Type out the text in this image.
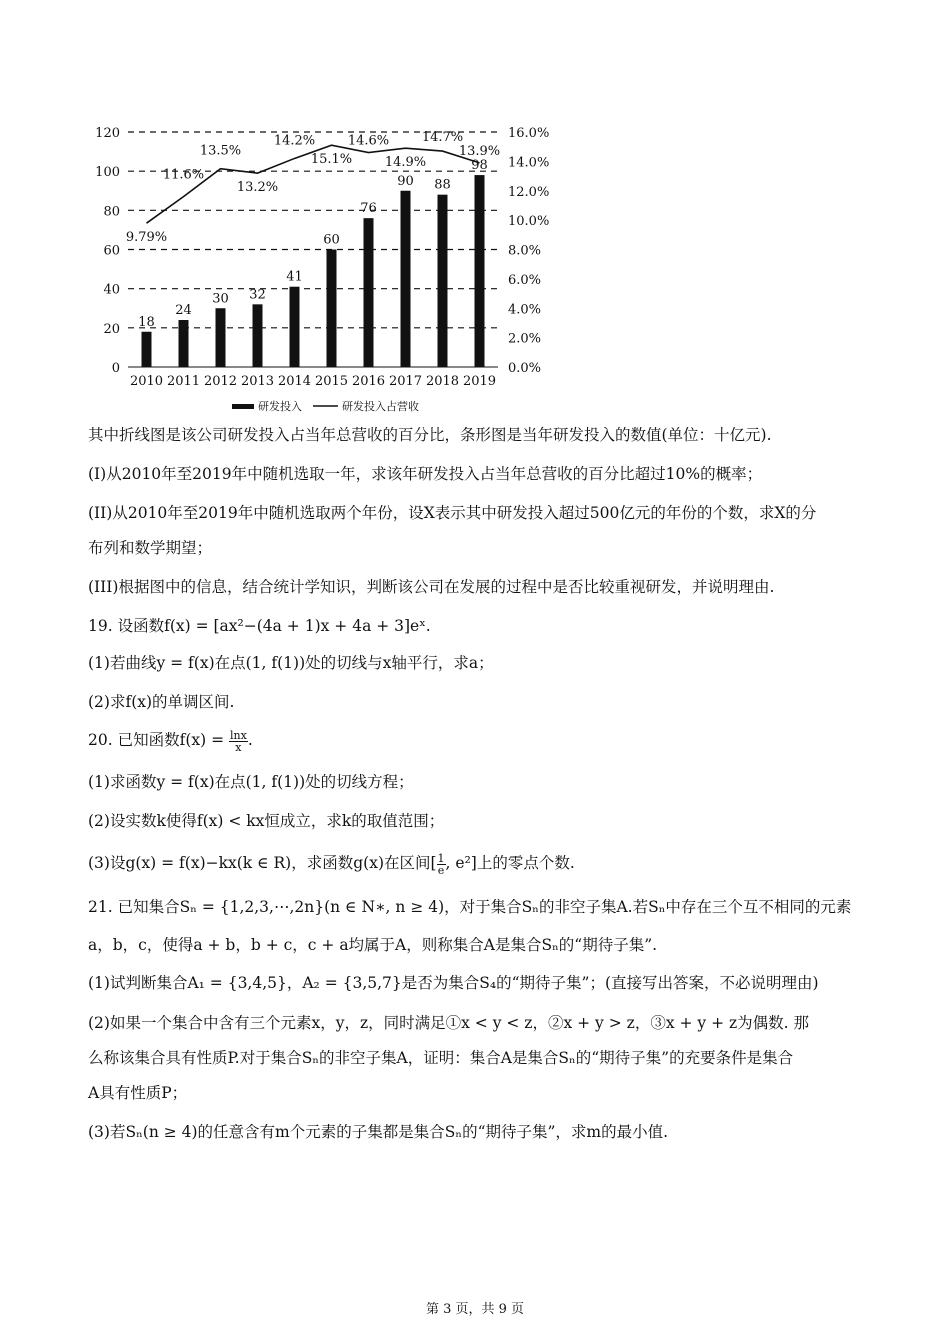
0
20
40
60
80
100
120
0.0%
2.0%
4.0%
6.0%
8.0%
10.0%
12.0%
14.0%
16.0%
2010 2011 2012 2013 2014 2015 2016 2017 2018 2019
18
24
30 32
41
60
76
90 88
98
9.79%
11.6%
13.5%
13.2%
14.2%
15.1%
14.6%
14.9%
14.7%
13.9%
研发投入	研发投入占营收
其中折线图是该公司研发投入占当年总营收的百分比，条形图是当年研发投入的数值(单位：十亿元).
(I)从2010年至2019年中随机选取一年，求该年研发投入占当年总营收的百分比超过10%的概率；
(II)从2010年至2019年中随机选取两个年份，设X表示其中研发投入超过500亿元的年份的个数，求X的分
布列和数学期望；
(III)根据图中的信息，结合统计学知识，判断该公司在发展的过程中是否比较重视研发，并说明理由.
19. 设函数f(x) = [ax²−(4a + 1)x + 4a + 3]eˣ.
(1)若曲线y = f(x)在点(1, f(1))处的切线与x轴平行，求a；
(2)求f(x)的单调区间.
20. 已知函数$f(x) = \frac{\ln x}{x}$ .
(1)求函数y = f(x)在点(1, f(1))处的切线方程；
(2)设实数k使得f(x) < kx恒成立，求k的取值范围；
(3)设g(x) = f(x)−kx(k ∈ R)，求函数g(x)在区间[ $\frac{1}{e}$ , e²]上的零点个数.
21. 已知集合Sₙ = {1,2,3,⋯,2n}(n ∈ N∗, n ≥ 4)，对于集合Sₙ的非空子集A.若Sₙ中存在三个互不相同的元素
a，b，c，使得a + b，b + c，c + a均属于A，则称集合A是集合Sₙ的“期待子集”.
(1)试判断集合A₁ = {3,4,5}，A₂ = {3,5,7}是否为集合S₄的“期待子集”；(直接写出答案，不必说明理由)
(2)如果一个集合中含有三个元素x，y，z，同时满足①x < y < z，②x + y > z，③x + y + z为偶数. 那
么称该集合具有性质P.对于集合Sₙ的非空子集A，证明：集合A是集合Sₙ的“期待子集”的充要条件是集合
A具有性质P；
(3)若Sₙ(n ≥ 4)的任意含有m个元素的子集都是集合Sₙ的“期待子集”，求m的最小值.
第 3 页，共 9 页
